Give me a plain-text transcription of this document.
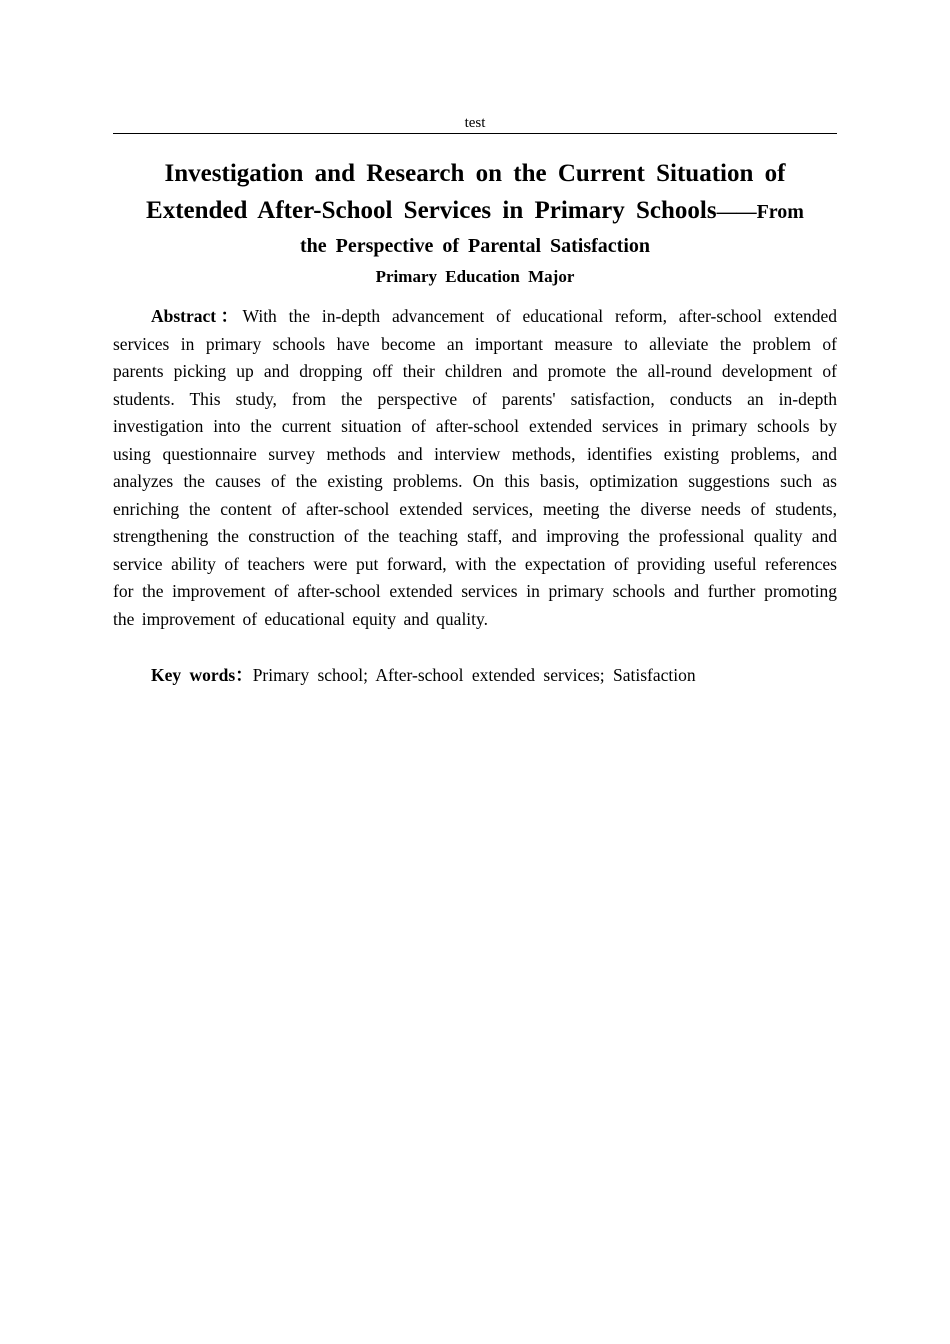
test
Investigation and Research on the Current Situation of
Extended After-School Services in Primary Schools——From
the Perspective of Parental Satisfaction
Primary Education Major

Abstract：With the in-depth advancement of educational reform, after-school extended services in primary schools have become an important measure to alleviate the problem of parents picking up and dropping off their children and promote the all-round development of students. This study, from the perspective of parents' satisfaction, conducts an in-depth investigation into the current situation of after-school extended services in primary schools by using questionnaire survey methods and interview methods, identifies existing problems, and analyzes the causes of the existing problems. On this basis, optimization suggestions such as enriching the content of after-school extended services, meeting the diverse needs of students, strengthening the construction of the teaching staff, and improving the professional quality and service ability of teachers were put forward, with the expectation of providing useful references for the improvement of after-school extended services in primary schools and further promoting the improvement of educational equity and quality.

Key words：Primary school; After-school extended services; Satisfaction
